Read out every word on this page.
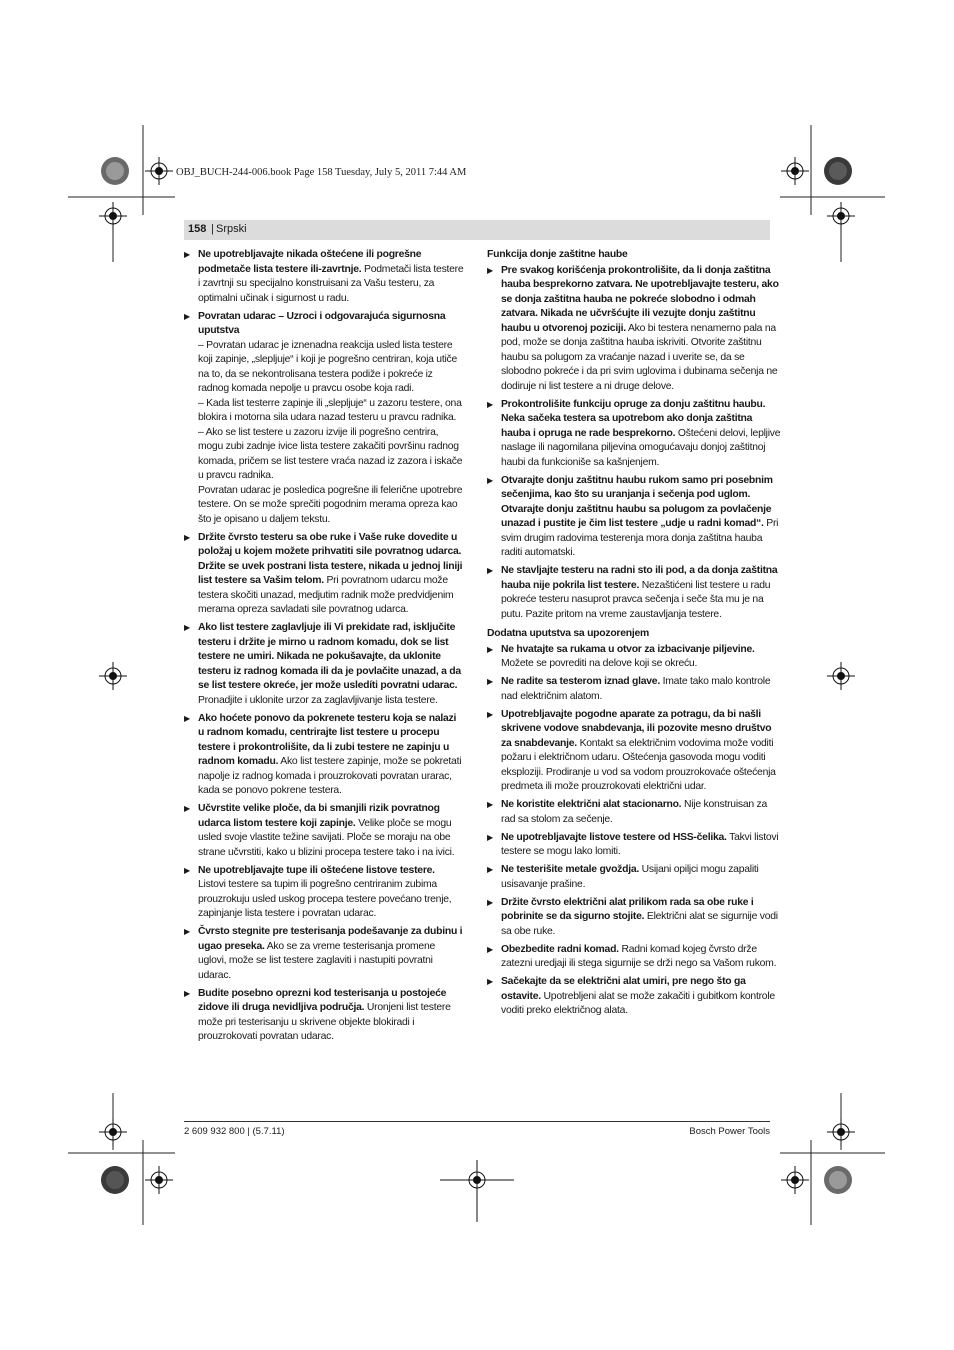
OBJ_BUCH-244-006.book Page 158 Tuesday, July 5, 2011 7:44 AM
158 | Srpski
▶ Ne upotrebljavajte nikada oštećene ili pogrešne podmetače lista testere ili-zavrtnje. Podmetači lista testere i zavrtnji su specijalno konstruisani za Vašu testeru, za optimalni učinak i sigurnost u radu.
▶ Povratan udarac – Uzroci i odgovarajuća sigurnosna uputstva
– Povratan udarac je iznenadna reakcija usled lista testere koji zapinje, „slepljuje“ i koji je pogrešno centriran, koja utiče na to, da se nekontrolisana testera podiže i pokreće iz radnog komada nepolje u pravcu osobe koja radi.
– Kada list testerre zapinje ili „slepljuje“ u zazoru testere, ona blokira i motorna sila udara nazad testeru u pravcu radnika.
– Ako se list testere u zazoru izvije ili pogrešno centrira, mogu zubi zadnje ivice lista testere zakačiti površinu radnog komada, pričem se list testere vraća nazad iz zazora i iskače u pravcu radnika.
Povratan udarac je posledica pogrešne ili feleričnе upotrebre testere. On se može sprečiti pogodnim merama opreza kao što je opisano u daljem tekstu.
▶ Držite čvrsto testeru sa obe ruke i Vaše ruke dovedite u položaj u kojem možete prihvatiti sile povratnog udarca. Držite se uvek postrani lista testere, nikada u jednoj liniji list testere sa Vašim telom. Pri povratnom udarcu može testera skočiti unazad, medjutim radnik može predvidjenim merama opreza savladati sile povratnog udarca.
▶ Ako list testere zaglavljuje ili Vi prekidate rad, isključite testeru i držite je mirno u radnom komadu, dok se list testere ne umiri. Nikada ne pokušavajte, da uklonite testeru iz radnog komada ili da je povlačite unazad, a da se list testere okreće, jer može usledíti povratni udarac. Pronadjite i uklonite urzor za zaglavljivanje lista testere.
▶ Ako hoćete ponovo da pokrenete testeru koja se nalazi u radnom komadu, centrirajte list testere u procepu testere i prokontrolišite, da li zubi testere ne zapinju u radnom komadu. Ako list testere zapinje, može se pokretati napolje iz radnog komada i prouzrokovati povratan urarac, kada se ponovo pokrene testera.
▶ Učvrstite velike ploče, da bi smanjili rizik povratnog udarca listom testere koji zapinje. Velike ploče se mogu usled svoje vlastite težine savijati. Ploče se moraju na obe strane učvrstiti, kako u blizini procepa testere tako i na ivici.
▶ Ne upotrebljavajte tupe ili oštećene listove testere. Listovi testere sa tupim ili pogrešno centriranim zubima prouzrokuju usled uskog procepa testere povećano trenje, zapinjanje lista testere i povratan udarac.
▶ Čvrsto stegnite pre testerisanja podešavanje za dubinu i ugao preseka. Ako se za vreme testerisanja promene uglovi, može se list testere zaglaviti i nastupiti povratni udarac.
▶ Budite posebno oprezni kod testerisanja u postojeće zidove ili druga nevidljiva područja. Uronjeni list testere može pri testerisanju u skrivene objekte blokiradi i prouzrokovati povratan udarac.
Funkcija donje zaštitne haube
▶ Pre svakog korišćenja prokontrolišite, da li donja zaštitna hauba besprekorno zatvara. Ne upotrebljavajte testeru, ako se donja zaštitna hauba ne pokreće slobodno i odmah zatvara. Nikada ne učvršćujte ili vezujte donju zaštitnu haubu u otvorenoj poziciji. Ako bi testera nenamerno pala na pod, može se donja zaštitna hauba iskriviti. Otvorite zaštitnu haubu sa polugom za vraćanje nazad i uverite se, da se slobodno pokreće i da pri svim uglovima i dubinama sečenja ne dodiruje ni list testere a ni druge delove.
▶ Prokontrolišite funkciju opruge za donju zaštitnu haubu. Neka sačeka testera sa upotrebom ako donja zaštitna hauba i opruga ne rade besprekorno. Oštećeni delovi, lepljive naslage ili nagomilana piljevina omogućavaju donjoj zaštitnoj haubi da funkcioniše sa kašnjenjem.
▶ Otvarajte donju zaštitnu haubu rukom samo pri posebnim sečenjima, kao što su uranjanja i sečenja pod uglom. Otvarajte donju zaštitnu haubu sa polugom za povlačenje unazad i pustite je čim list testere „udje u radni komad“. Pri svim drugim radovima testerenja mora donja zaštitna hauba raditi automatski.
▶ Ne stavljajte testeru na radni sto ili pod, a da donja zaštitna hauba nije pokrila list testere. Nezaštićeni list testere u radu pokreće testeru nasuprot pravca sečenja i seče šta mu je na putu. Pazite pritom na vreme zaustavljanja testere.
Dodatna uputstva sa upozorenjem
▶ Ne hvatajte sa rukama u otvor za izbacivanje piljevine. Možete se povrediti na delove koji se okreću.
▶ Ne radite sa testerom iznad glave. Imate tako malo kontrole nad električnim alatom.
▶ Upotrebljavajte pogodne aparate za potragu, da bi našli skrivene vodove snabdevanja, ili pozovite mesno društvo za snabdevanje. Kontakt sa električnim vodovima može voditi požaru i električnom udaru. Oštećenja gasovoda mogu voditi eksploziji. Prodiranje u vod sa vodom prouzrokovaće oštećenja predmeta ili može prouzrokovati električni udar.
▶ Ne koristite električni alat stacionarno. Nije konstruisan za rad sa stolom za sečenje.
▶ Ne upotrebljavajte listove testere od HSS-čelika. Takvi listovi testere se mogu lako lomiti.
▶ Ne testerišite metale gvoždja. Usijani opiljci mogu zapaliti usisavanje prašine.
▶ Držite čvrsto električni alat prilikom rada sa obe ruke i pobrinite se da sigurno stojite. Električni alat se sigurnije vodi sa obe ruke.
▶ Obezbedite radni komad. Radni komad kojeg čvrsto drže zatezni uredjaji ili stega sigurnije se drži nego sa Vašom rukom.
▶ Sačekajte da se električni alat umiri, pre nego što ga ostavite. Upotrebljeni alat se može zakačiti i gubitkom kontrole voditi preko električnog alata.
2 609 932 800 | (5.7.11)	Bosch Power Tools
